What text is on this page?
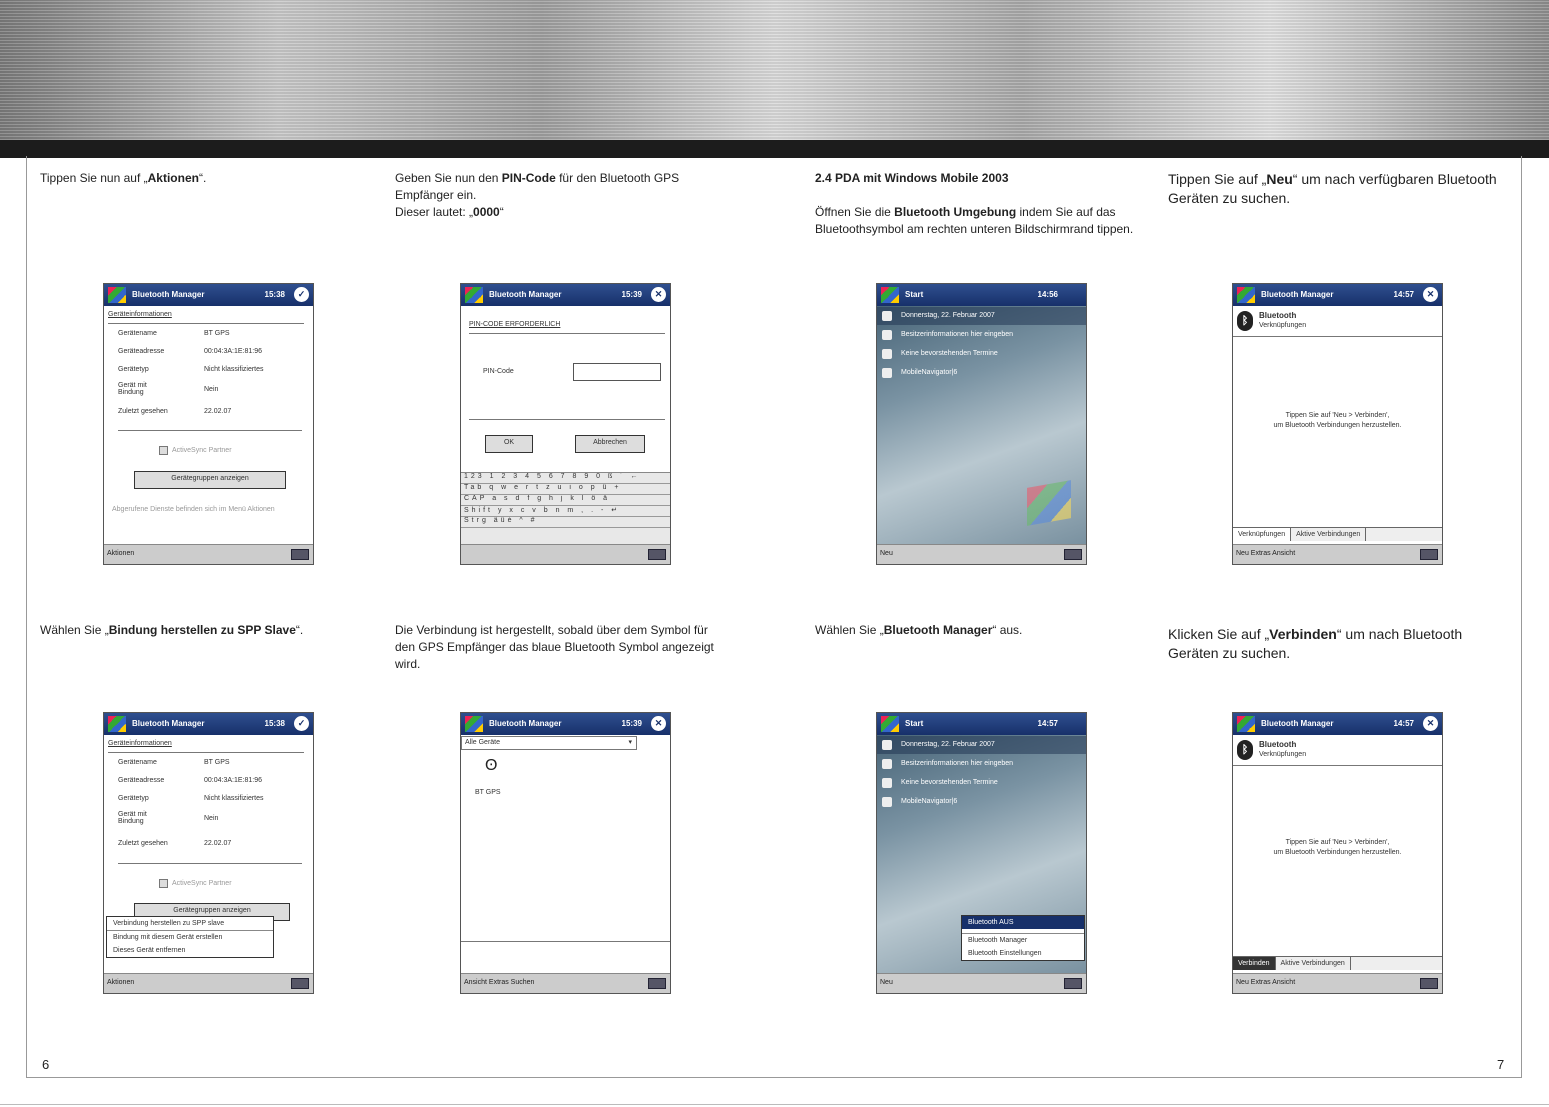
Tippen Sie nun auf „Aktionen“.	Geben Sie nun den PIN-Code für den Bluetooth GPS Empfänger ein.
Dieser lautet: „0000“
2.4 PDA mit Windows Mobile 2003

Öffnen Sie die Bluetooth Umgebung indem Sie auf das Bluetoothsymbol am rechten unteren Bildschirmrand tippen.
Tippen Sie auf „Neu“ um nach verfügbaren Bluetooth Geräten zu suchen.
Wählen Sie „Bindung herstellen zu SPP Slave“.	Die Verbindung ist hergestellt, sobald über dem Symbol für den GPS Empfänger das blaue Bluetooth Symbol angezeigt wird.
Wählen Sie „Bluetooth Manager“ aus.	Klicken Sie auf „Verbinden“ um nach Bluetooth Geräten zu suchen.
Bluetooth Manager	15:38	✓
Geräteinformationen
Gerätename	BT GPS
Geräteadresse	00:04:3A:1E:81:96
Gerätetyp	Nicht klassifiziertes
Gerät mit Bindung	Nein
Zuletzt gesehen	22.02.07
ActiveSync Partner
Gerätegruppen anzeigen
Abgerufene Dienste befinden sich im Menü Aktionen
Aktionen
Bluetooth Manager	15:39	✕
PIN-CODE ERFORDERLICH
PIN-Code
OK	Abbrechen
123 1 2 3 4 5 6 7 8 9 0 ß ´ ←
Tab q w e r t z u i o p ü +
CAP a s d f g h j k l ö ä
Shift y x c v b n m , . - ↵
Strg äüé ^ #
Start	14:56
Donnerstag, 22. Februar 2007
Besitzerinformationen hier eingeben
Keine bevorstehenden Termine
MobileNavigator|6
Neu
Bluetooth Manager	14:57	✕
ᛒ	Bluetooth
Verknüpfungen
Tippen Sie auf 'Neu > Verbinden',
um Bluetooth Verbindungen herzustellen.
Verknüpfungen Aktive Verbindungen
Neu Extras Ansicht
Bluetooth Manager	15:38	✓
Geräteinformationen
Gerätename	BT GPS
Geräteadresse	00:04:3A:1E:81:96
Gerätetyp	Nicht klassifiziertes
Gerät mit Bindung	Nein
Zuletzt gesehen	22.02.07
ActiveSync Partner
Gerätegruppen anzeigen
Verbindung herstellen zu SPP slave
Bindung mit diesem Gerät erstellen
Dieses Gerät entfernen
Aktionen
Bluetooth Manager	15:39	✕
Alle Geräte	▾
ʘ
BT GPS
Ansicht Extras Suchen
Start	14:57
Donnerstag, 22. Februar 2007
Besitzerinformationen hier eingeben
Keine bevorstehenden Termine
MobileNavigator|6
Bluetooth AUS
Bluetooth Manager
Bluetooth Einstellungen
Neu
Bluetooth Manager	14:57	✕
ᛒ	Bluetooth
Verknüpfungen
Tippen Sie auf 'Neu > Verbinden',
um Bluetooth Verbindungen herzustellen.
Verbinden Aktive Verbindungen
Neu Extras Ansicht
6	7
